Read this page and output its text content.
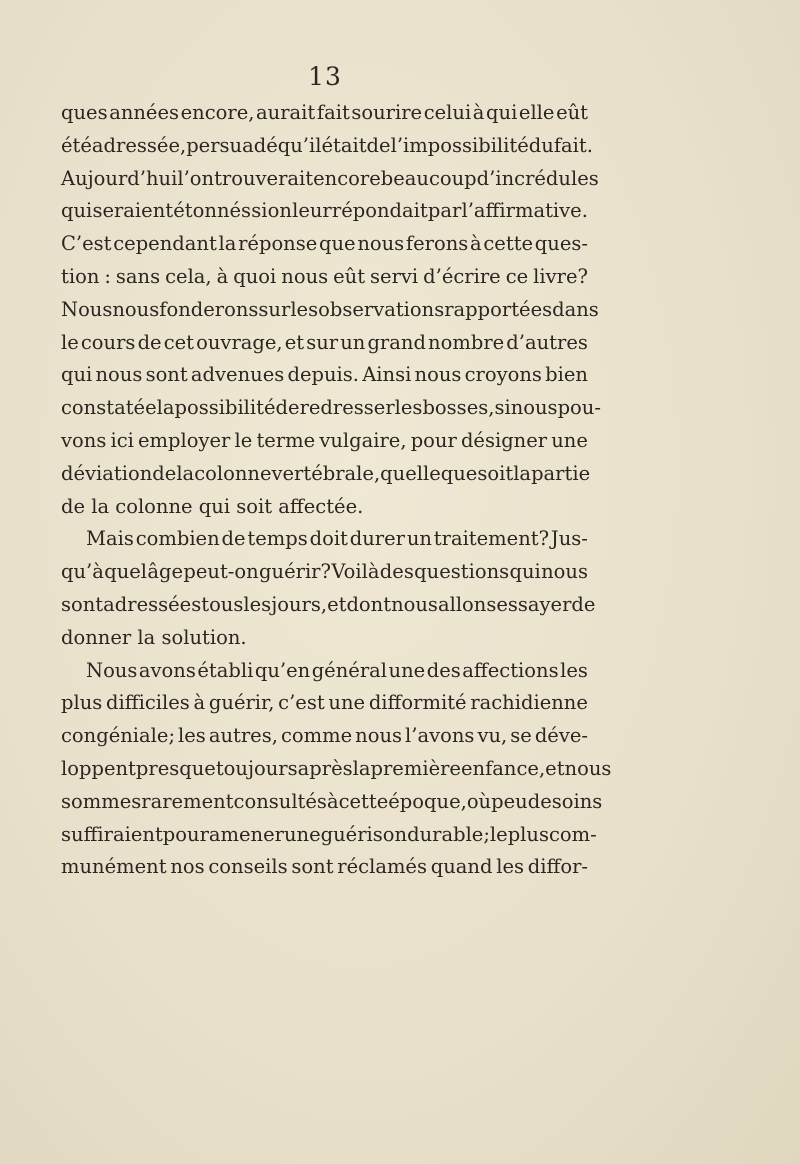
13
ques années encore, aurait fait sourire celui à qui elle eût
été adressée, persuadé qu’il était de l’impossibilité du fait.
Aujourd’hui l’on trouverait encore beaucoup d’incrédules
qui seraient étonnés si on leur répondait par l’affirmative.
C’est cependant la réponse que nous ferons à cette ques-
tion : sans cela, à quoi nous eût servi d’écrire ce livre?
Nous nous fonderons sur les observations rapportées dans
le cours de cet ouvrage, et sur un grand nombre d’autres
qui nous sont advenues depuis. Ainsi nous croyons bien
constatée la possibilité de redresser les bosses, si nous pou-
vons ici employer le terme vulgaire, pour désigner une
déviation de la colonne vertébrale, quelle que soit la partie
de la colonne qui soit affectée.
Mais combien de temps doit durer un traitement? Jus-
qu’à quel âge peut-on guérir? Voilà des questions qui nous
sont adressées tous les jours, et dont nous allons essayer de
donner la solution.
Nous avons établi qu’en général une des affections les
plus difficiles à guérir, c’est une difformité rachidienne
congéniale; les autres, comme nous l’avons vu, se déve-
loppent presque toujours après la première enfance, et nous
sommes rarement consultés à cette époque, où peu de soins
suffiraient pour amener une guérison durable; le plus com-
munément nos conseils sont réclamés quand les diffor-
